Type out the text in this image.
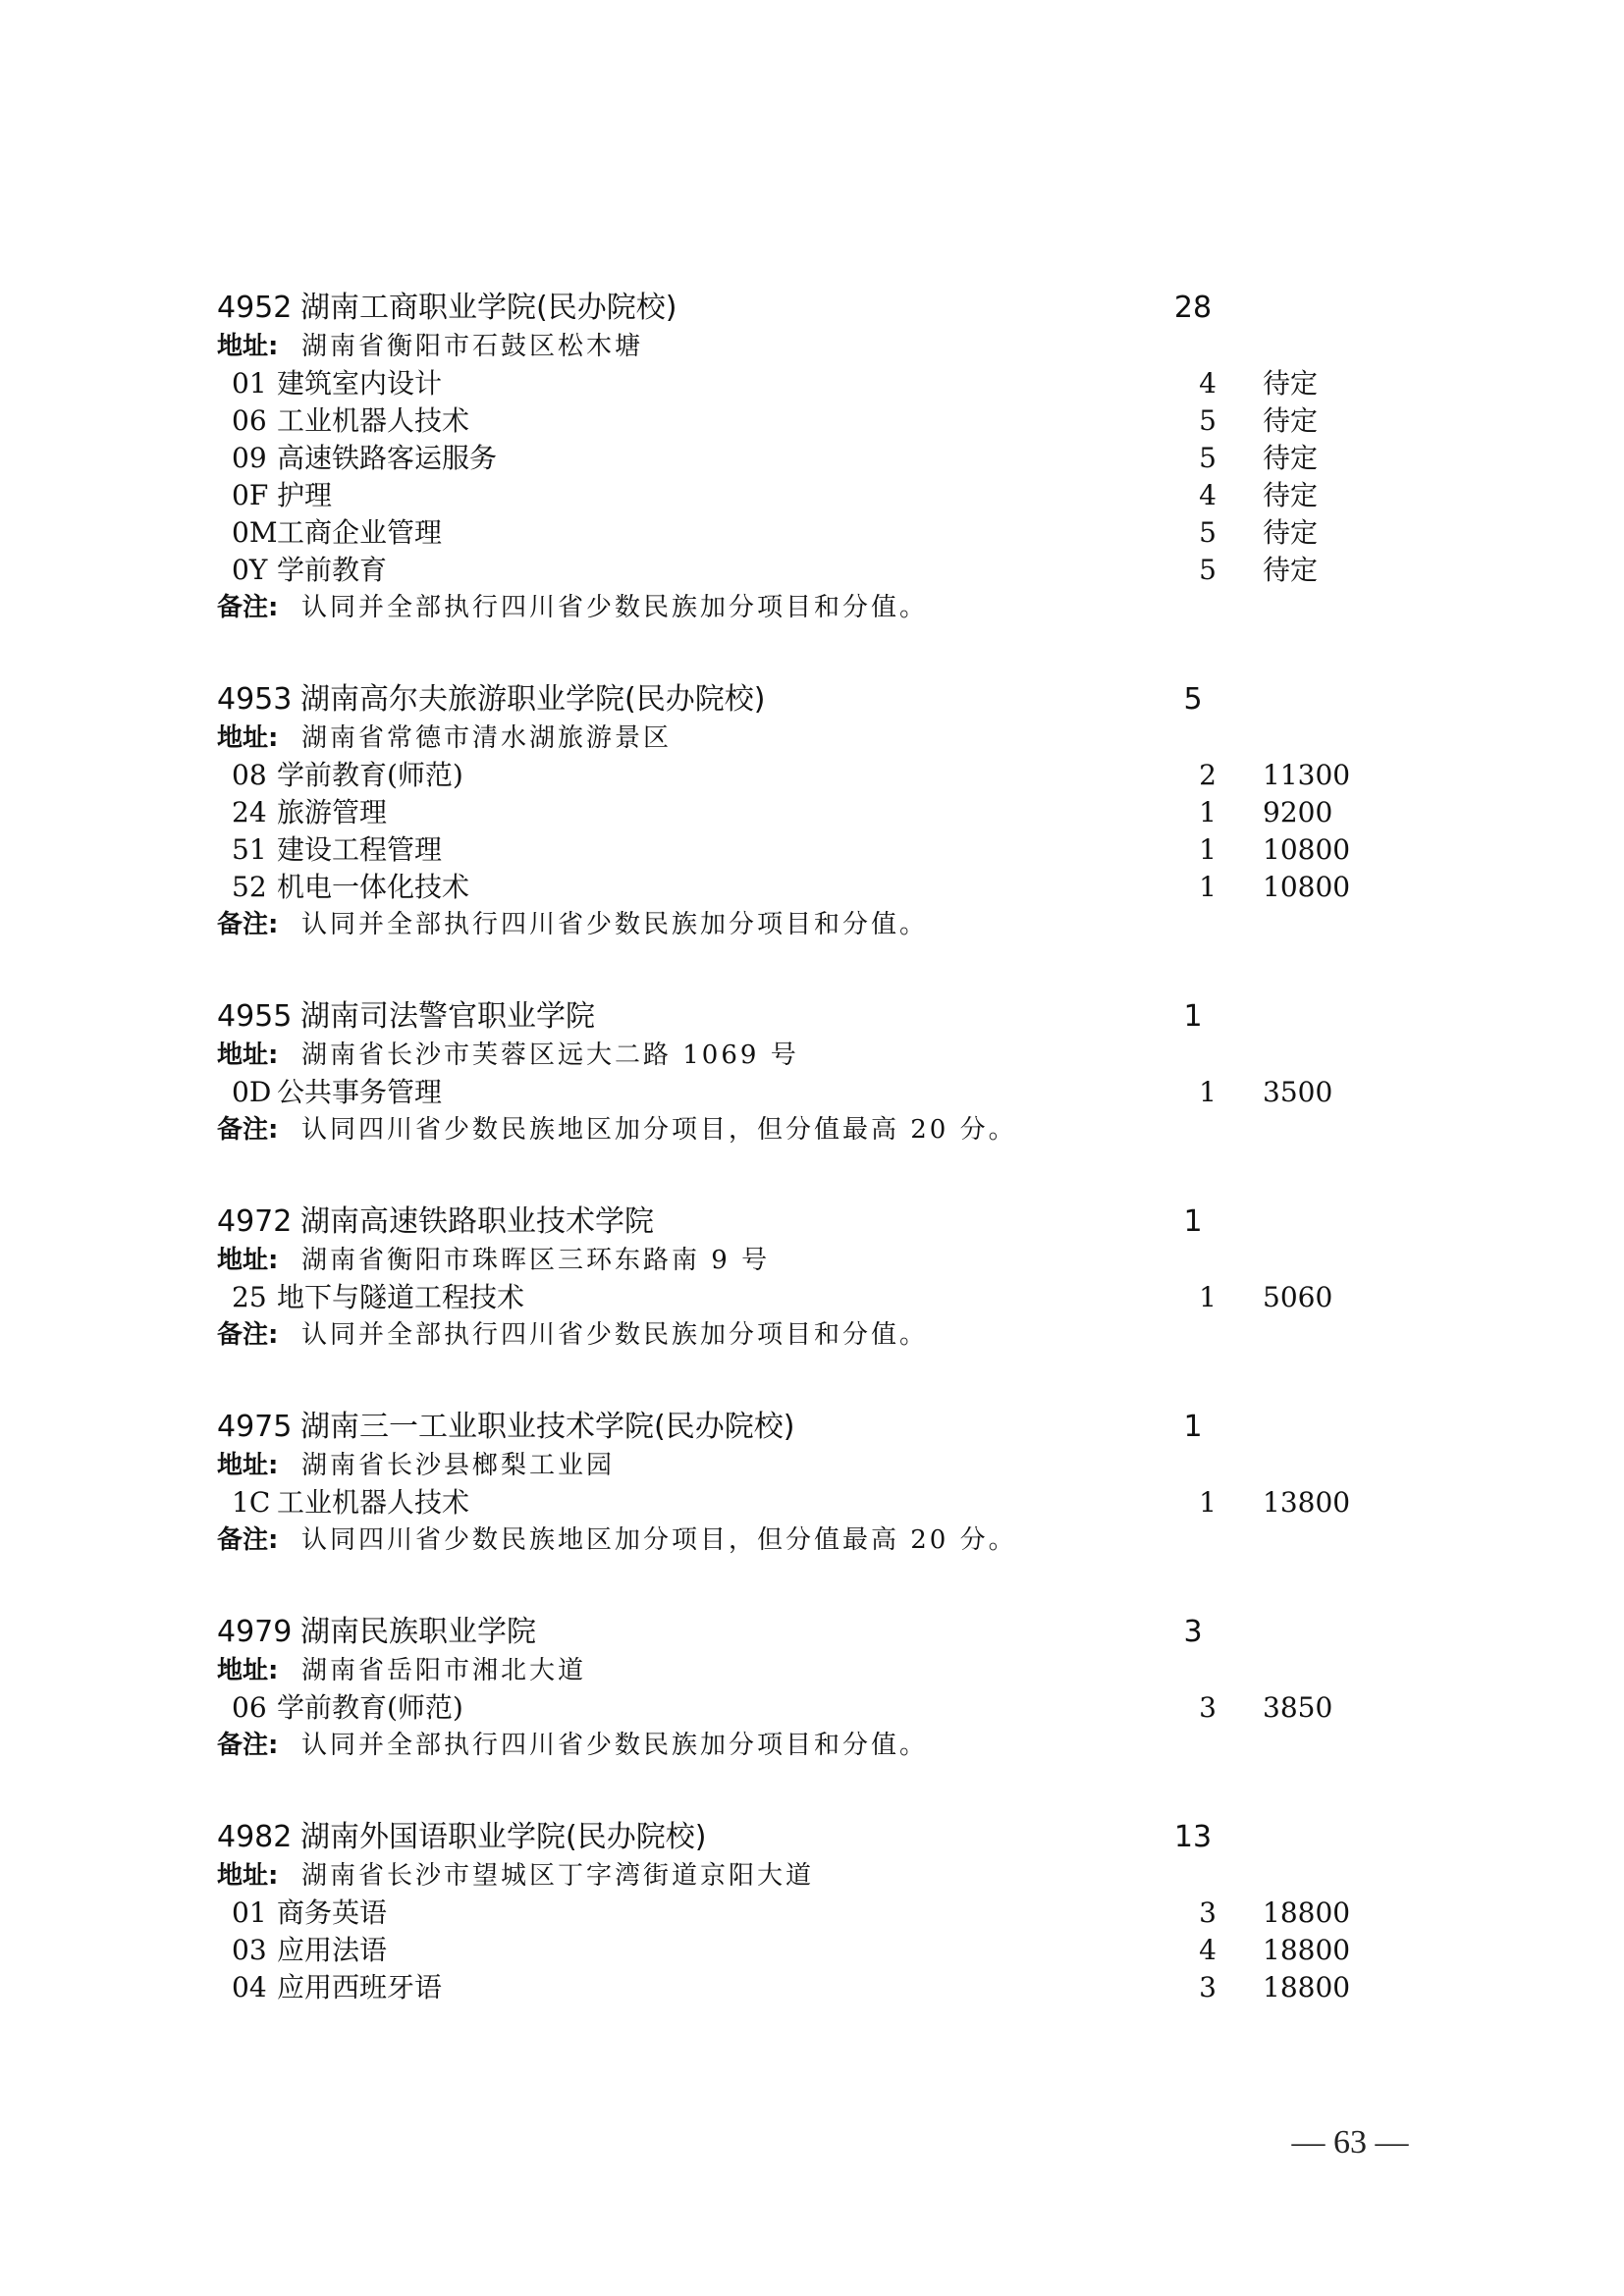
4952 湖南工商职业学院(民办院校)	28
地址: 湖南省衡阳市石鼓区松木塘
01 建筑室内设计	4 待定
06 工业机器人技术	5 待定
09 高速铁路客运服务	5 待定
0F 护理	4 待定
0M 工商企业管理	5 待定
0Y 学前教育	5 待定
备注: 认同并全部执行四川省少数民族加分项目和分值。
4953 湖南高尔夫旅游职业学院(民办院校)	5
地址: 湖南省常德市清水湖旅游景区
08 学前教育(师范)	2 11300
24 旅游管理	1 9200
51 建设工程管理	1 10800
52 机电一体化技术	1 10800
备注: 认同并全部执行四川省少数民族加分项目和分值。
4955 湖南司法警官职业学院	1
地址: 湖南省长沙市芙蓉区远大二路 1069 号
0D 公共事务管理	1 3500
备注: 认同四川省少数民族地区加分项目，但分值最高 20 分。
4972 湖南高速铁路职业技术学院	1
地址: 湖南省衡阳市珠晖区三环东路南 9 号
25 地下与隧道工程技术	1 5060
备注: 认同并全部执行四川省少数民族加分项目和分值。
4975 湖南三一工业职业技术学院(民办院校)	1
地址: 湖南省长沙县榔梨工业园
1C 工业机器人技术	1 13800
备注: 认同四川省少数民族地区加分项目，但分值最高 20 分。
4979 湖南民族职业学院	3
地址: 湖南省岳阳市湘北大道
06 学前教育(师范)	3 3850
备注: 认同并全部执行四川省少数民族加分项目和分值。
4982 湖南外国语职业学院(民办院校)	13
地址: 湖南省长沙市望城区丁字湾街道京阳大道
01 商务英语	3 18800
03 应用法语	4 18800
04 应用西班牙语	3 18800
— 63 —
